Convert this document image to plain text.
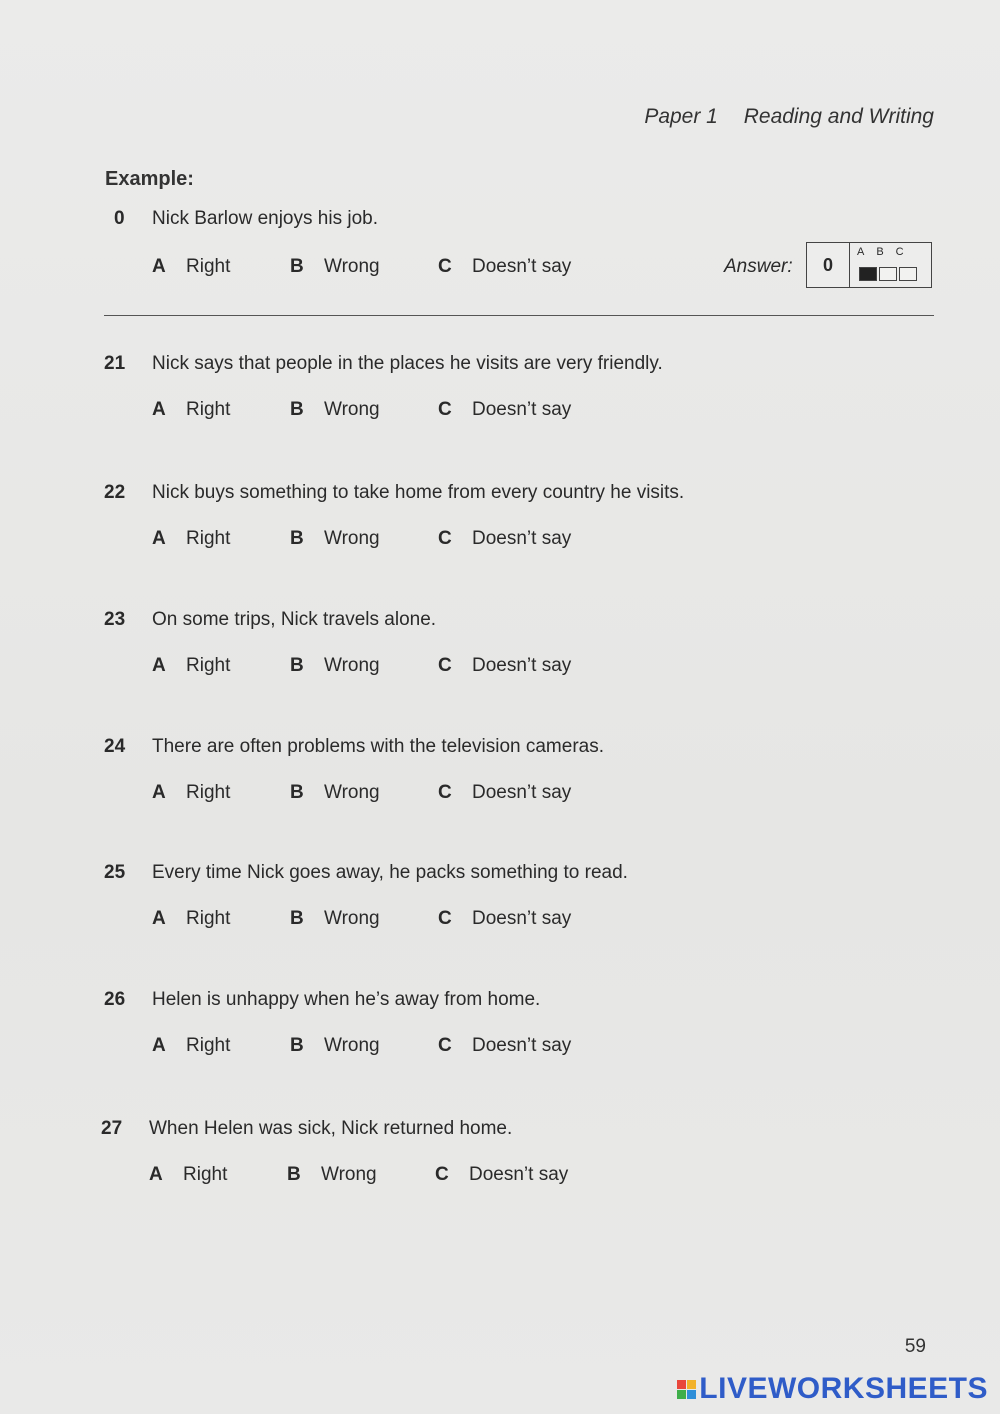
Paper 1 Reading and Writing
Example:
0	Nick Barlow enjoys his job.
A Right	B Wrong	C Doesn’t say	Answer:	0
ABC
21	Nick says that people in the places he visits are very friendly.
A Right	B Wrong	C Doesn’t say
22	Nick buys something to take home from every country he visits.
A Right	B Wrong	C Doesn’t say
23	On some trips, Nick travels alone.
A Right	B Wrong	C Doesn’t say
24	There are often problems with the television cameras.
A Right	B Wrong	C Doesn’t say
25	Every time Nick goes away, he packs something to read.
A Right	B Wrong	C Doesn’t say
26	Helen is unhappy when he’s away from home.
A Right	B Wrong	C Doesn’t say
27	When Helen was sick, Nick returned home.
A Right	B Wrong	C Doesn’t say
59
LIVEWORKSHEETS
